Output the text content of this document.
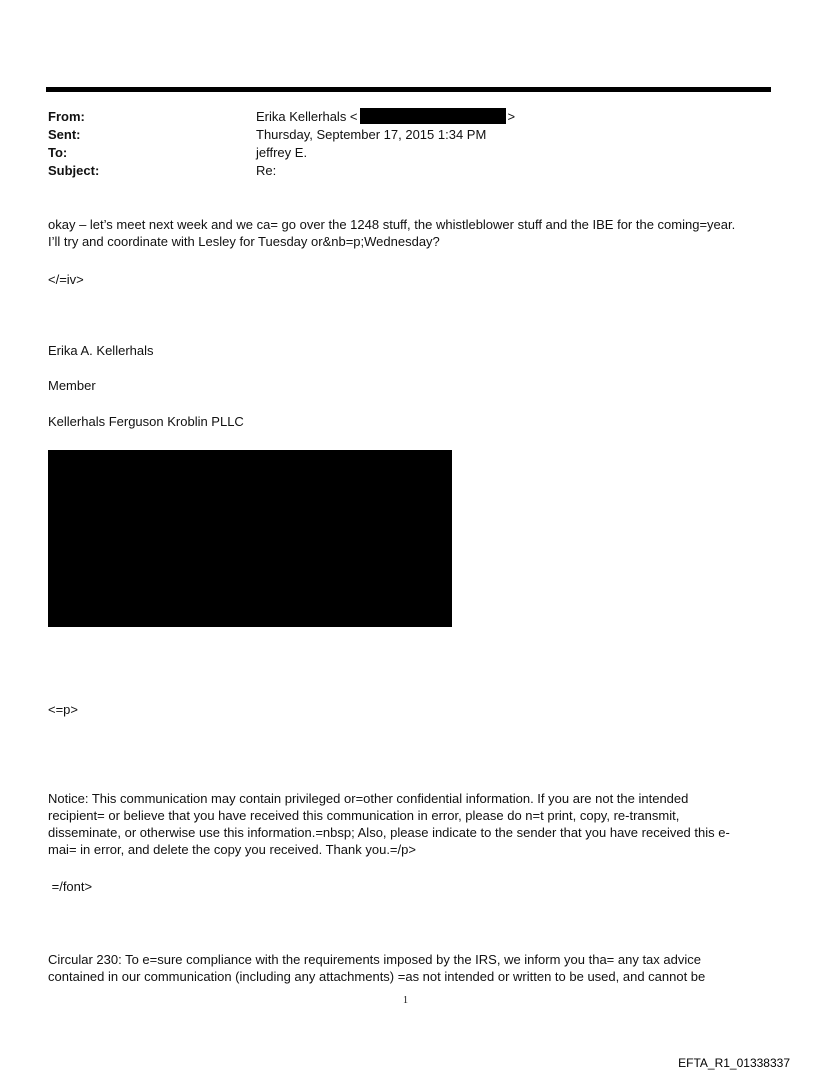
From:	Erika Kellerhals <	>
Sent:	Thursday, September 17, 2015 1:34 PM
To:	jeffrey E.
Subject:	Re:
okay – let’s meet next week and we ca= go over the 1248 stuff, the whistleblower stuff and the IBE for the coming=year.
I’ll try and coordinate with Lesley for Tuesday or&nb=p;Wednesday?
</=iv>
Erika A. Kellerhals
Member
Kellerhals Ferguson Kroblin PLLC
<=p>
Notice: This communication may contain privileged or=other confidential information. If you are not the intended
recipient= or believe that you have received this communication in error, please do n=t print, copy, re-transmit,
disseminate, or otherwise use this information.=nbsp; Also, please indicate to the sender that you have received this e-
mai= in error, and delete the copy you received. Thank you.=/p>
=/font>
Circular 230: To e=sure compliance with the requirements imposed by the IRS, we inform you tha= any tax advice
contained in our communication (including any attachments) =as not intended or written to be used, and cannot be
1
EFTA_R1_01338337
